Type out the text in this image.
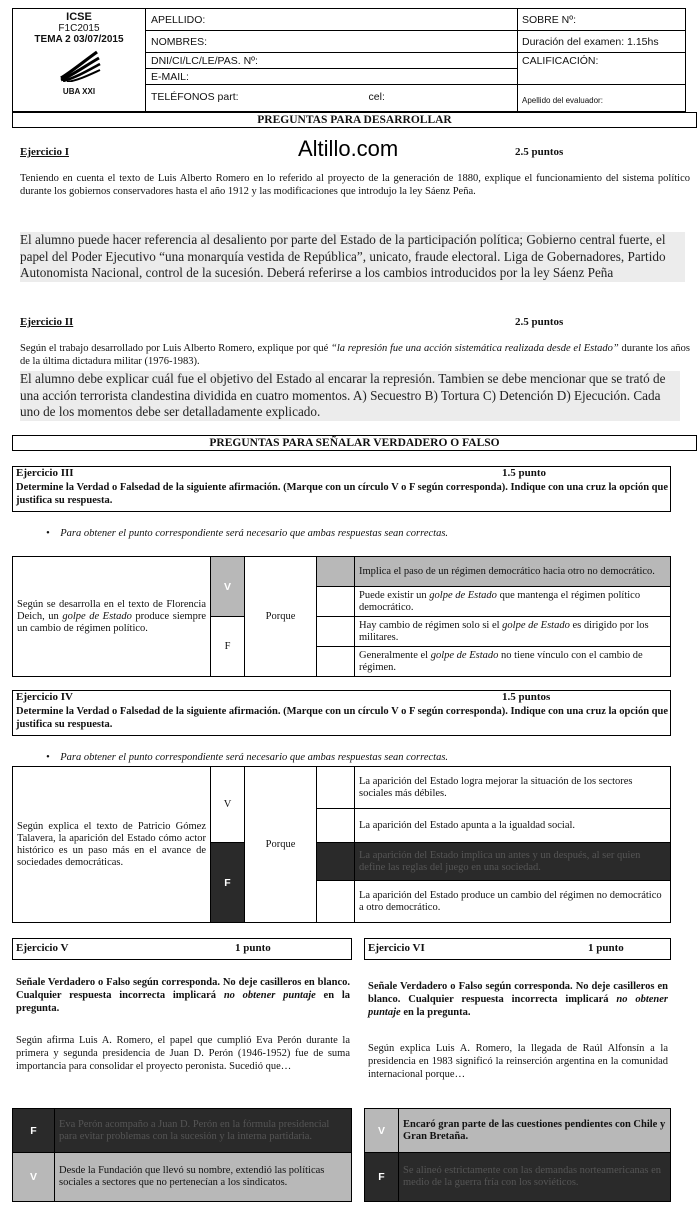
ICSE
F1C2015
TEMA 2 03/07/2015
UBA XXI
APELLIDO:
NOMBRES:
DNI/CI/LC/LE/PAS. Nº:
E-MAIL:
TELÉFONOS part:	cel:
SOBRE Nº:
Duración del examen: 1.15hs
CALIFICACIÓN:
Apellido del evaluador:
PREGUNTAS PARA DESARROLLAR
Altillo.com
Ejercicio I	2.5 puntos
Teniendo en cuenta el texto de Luis Alberto Romero en lo referido al proyecto de la generación de 1880, explique el funcionamiento del sistema político durante los gobiernos conservadores hasta el año 1912 y las modificaciones que introdujo la ley Sáenz Peña.
El alumno puede hacer referencia al desaliento por parte del Estado de la participación política; Gobierno central fuerte, el papel del Poder Ejecutivo “una monarquía vestida de República”, unicato, fraude electoral. Liga de Gobernadores, Partido Autonomista Nacional, control de la sucesión. Deberá referirse a los cambios introducidos por la ley Sáenz Peña
Ejercicio II	2.5 puntos
Según el trabajo desarrollado por Luis Alberto Romero, explique por qué “la represión fue una acción sistemática realizada desde el Estado” durante los años de la última dictadura militar (1976-1983).
El alumno debe explicar cuál fue el objetivo del Estado al encarar la represión. Tambien se debe mencionar que se trató de una acción terrorista clandestina dividida en cuatro momentos. A) Secuestro B) Tortura C) Detención D) Ejecución. Cada uno de los momentos debe ser detalladamente explicado.
PREGUNTAS PARA SEÑALAR VERDADERO O FALSO
Ejercicio III	1.5 punto
Determine la Verdad o Falsedad de la siguiente afirmación. (Marque con un círculo V o F según corresponda). Indique con una cruz la opción que justifica su respuesta.
•    Para obtener el punto correspondiente será necesario que ambas respuestas sean correctas.
Según se desarrolla en el texto de Florencia Deich, un golpe de Estado produce siempre un cambio de régimen político.	V	Porque		Implica el paso de un régimen democrático hacia otro no democrático.
				Puede existir un golpe de Estado que mantenga el régimen político democrático.
	F			Hay cambio de régimen solo si el golpe de Estado es dirigido por los militares.
				Generalmente el golpe de Estado no tiene vínculo con el cambio de régimen.
Ejercicio IV	1.5 puntos
Determine la Verdad o Falsedad de la siguiente afirmación. (Marque con un círculo V o F según corresponda). Indique con una cruz la opción que justifica su respuesta.
•    Para obtener el punto correspondiente será necesario que ambas respuestas sean correctas.
Según explica el texto de Patricio Gómez Talavera, la aparición del Estado cómo actor histórico es un paso más en el avance de sociedades democráticas.	V	Porque		La aparición del Estado logra mejorar la situación de los sectores sociales más débiles.
				La aparición del Estado apunta a la igualdad social.
	F			La aparición del Estado implica un antes y un después, al ser quien define las reglas del juego en una sociedad.
				La aparición del Estado produce un cambio del régimen no democrático a otro democrático.
Ejercicio V	1 punto
Señale Verdadero o Falso según corresponda. No deje casilleros en blanco. Cualquier respuesta incorrecta implicará no obtener puntaje en la pregunta.
Según afirma Luis A. Romero, el papel que cumplió Eva Perón durante la primera y segunda presidencia de Juan D. Perón (1946-1952) fue de suma importancia para consolidar el proyecto peronista. Sucedió que…
F	Eva Perón acompaño a Juan D. Perón en la fórmula presidencial para evitar problemas con la sucesión y la interna partidaria.
V	Desde la Fundación que llevó su nombre, extendió las políticas sociales a sectores que no pertenecían a los sindicatos.
Ejercicio VI	1 punto
Señale Verdadero o Falso según corresponda. No deje casilleros en blanco. Cualquier respuesta incorrecta implicará no obtener puntaje en la pregunta.
Según explica Luis A. Romero, la llegada de Raúl Alfonsín a la presidencia en 1983 significó la reinserción argentina en la comunidad internacional porque…
V	Encaró gran parte de las cuestiones pendientes con Chile y Gran Bretaña.
F	Se alineó estrictamente con las demandas norteamericanas en medio de la guerra fría con los soviéticos.
